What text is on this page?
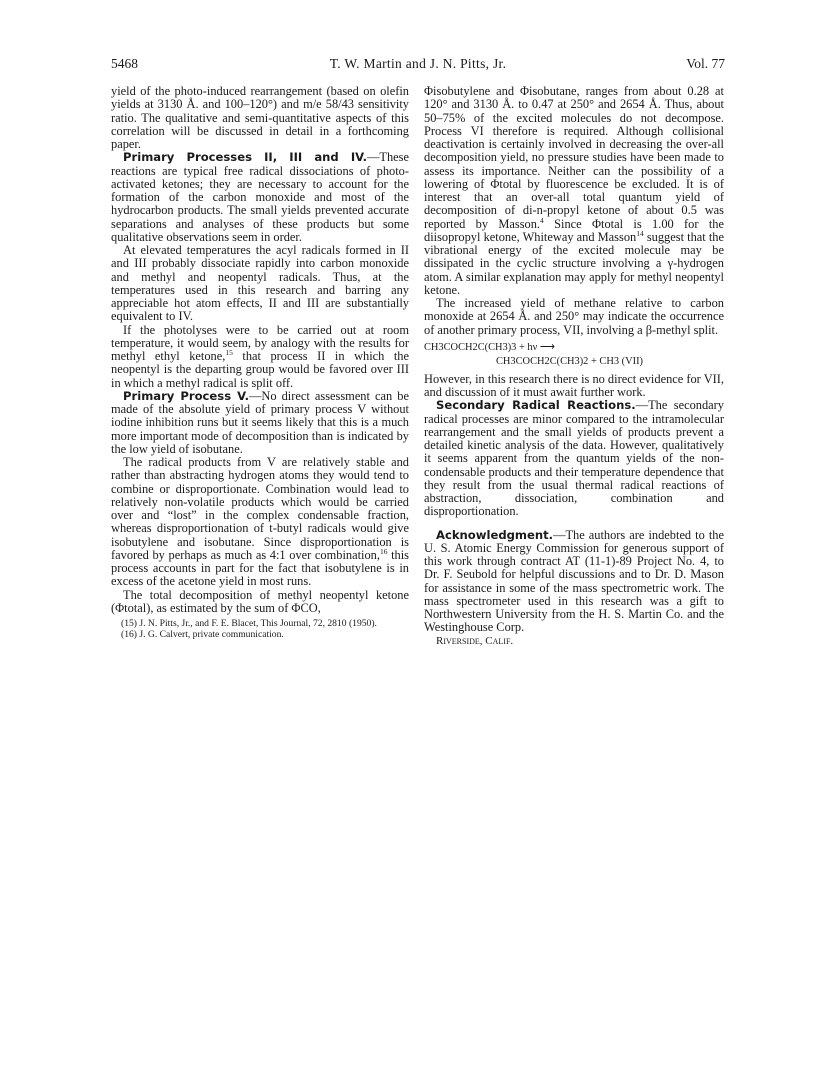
5468	T. W. Martin and J. N. Pitts, Jr.	Vol. 77

yield of the photo-induced rearrangement (based on olefin yields at 3130 Å. and 100–120°) and m/e 58/43 sensitivity ratio. The qualitative and semi-quantitative aspects of this correlation will be discussed in detail in a forthcoming paper.

Primary Processes II, III and IV.—These reactions are typical free radical dissociations of photo-activated ketones; they are necessary to account for the formation of the carbon monoxide and most of the hydrocarbon products. The small yields prevented accurate separations and analyses of these products but some qualitative observations seem in order.

At elevated temperatures the acyl radicals formed in II and III probably dissociate rapidly into carbon monoxide and methyl and neopentyl radicals. Thus, at the temperatures used in this research and barring any appreciable hot atom effects, II and III are substantially equivalent to IV.

If the photolyses were to be carried out at room temperature, it would seem, by analogy with the results for methyl ethyl ketone,$^{15}$ that process II in which the neopentyl is the departing group would be favored over III in which a methyl radical is split off.

Primary Process V.—No direct assessment can be made of the absolute yield of primary process V without iodine inhibition runs but it seems likely that this is a much more important mode of decomposition than is indicated by the low yield of isobutane.

The radical products from V are relatively stable and rather than abstracting hydrogen atoms they would tend to combine or disproportionate. Combination would lead to relatively non-volatile products which would be carried over and “lost” in the complex condensable fraction, whereas disproportionation of t-butyl radicals would give isobutylene and isobutane. Since disproportionation is favored by perhaps as much as 4:1 over combination,$^{16}$ this process accounts in part for the fact that isobutylene is in excess of the acetone yield in most runs.

The total decomposition of methyl neopentyl ketone (Φtotal), as estimated by the sum of ΦCO,

(15) J. N. Pitts, Jr., and F. E. Blacet, This Journal, 72, 2810 (1950).

(16) J. G. Calvert, private communication.

Φisobutylene and Φisobutane, ranges from about 0.28 at 120° and 3130 Å. to 0.47 at 250° and 2654 Å. Thus, about 50–75% of the excited molecules do not decompose. Process VI therefore is required. Although collisional deactivation is certainly involved in decreasing the over-all decomposition yield, no pressure studies have been made to assess its importance. Neither can the possibility of a lowering of Φtotal by fluorescence be excluded. It is of interest that an over-all total quantum yield of decomposition of di-n-propyl ketone of about 0.5 was reported by Masson.$^4$ Since Φtotal is 1.00 for the diisopropyl ketone, Whiteway and Masson$^{14}$ suggest that the vibrational energy of the excited molecule may be dissipated in the cyclic structure involving a γ-hydrogen atom. A similar explanation may apply for methyl neopentyl ketone.

The increased yield of methane relative to carbon monoxide at 2654 Å. and 250° may indicate the occurrence of another primary process, VII, involving a β-methyl split.

CH3COCH2C(CH3)3 + hν ⟶
CH3COCH2C(CH3)2 + CH3 (VII)

However, in this research there is no direct evidence for VII, and discussion of it must await further work.

Secondary Radical Reactions.—The secondary radical processes are minor compared to the intramolecular rearrangement and the small yields of products prevent a detailed kinetic analysis of the data. However, qualitatively it seems apparent from the quantum yields of the non-condensable products and their temperature dependence that they result from the usual thermal radical reactions of abstraction, dissociation, combination and disproportionation.

Acknowledgment.—The authors are indebted to the U. S. Atomic Energy Commission for generous support of this work through contract AT (11-1)-89 Project No. 4, to Dr. F. Seubold for helpful discussions and to Dr. D. Mason for assistance in some of the mass spectrometric work. The mass spectrometer used in this research was a gift to Northwestern University from the H. S. Martin Co. and the Westinghouse Corp.

Riverside, Calif.
